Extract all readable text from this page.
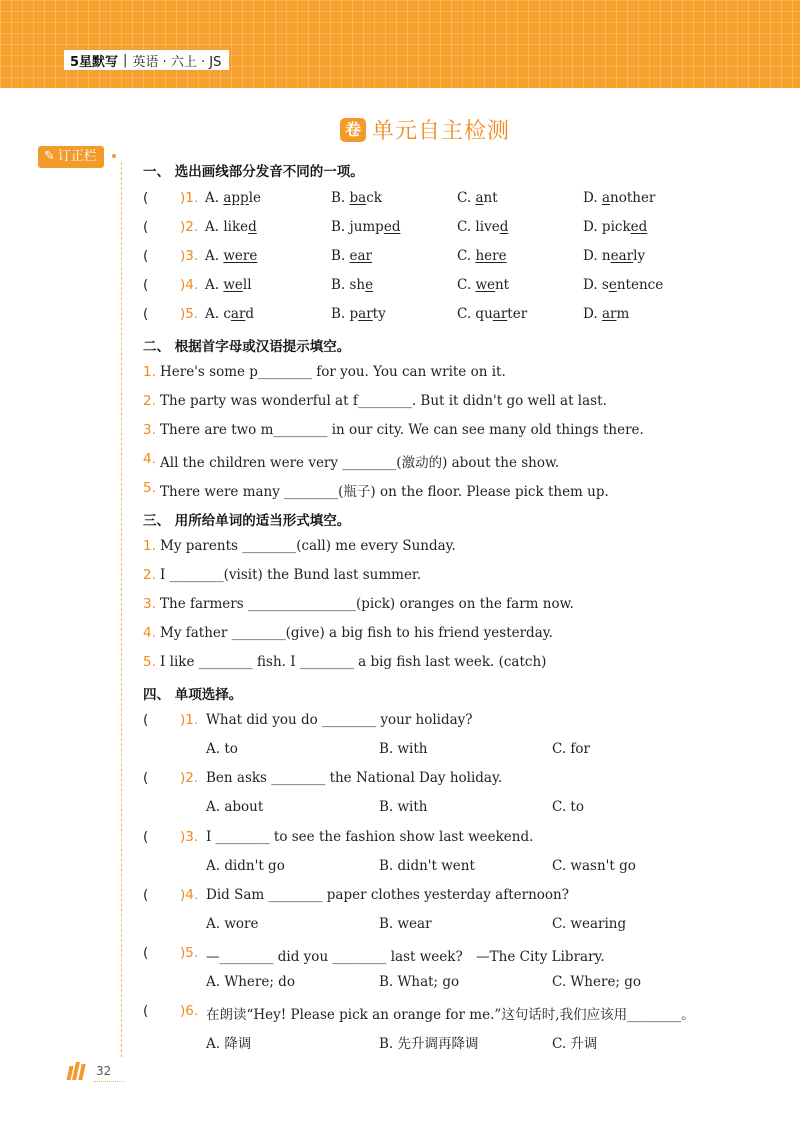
5星默写 | 英语 · 六上 · JS
卷 单元自主检测
✎ 订正栏
一、 选出画线部分发音不同的一项。
( )1. A. apple	B. back	C. ant	D. another
( )2. A. liked	B. jumped	C. lived	D. picked
( )3. A. were	B. ear	C. here	D. nearly
( )4. A. well	B. she	C. went	D. sentence
( )5. A. card	B. party	C. quarter	D. arm
二、 根据首字母或汉语提示填空。
1. Here's some p________ for you. You can write on it.
2. The party was wonderful at f________. But it didn't go well at last.
3. There are two m________ in our city. We can see many old things there.
4. All the children were very ________(激动的) about the show.
5. There were many ________(瓶子) on the floor. Please pick them up.
三、 用所给单词的适当形式填空。
1. My parents ________(call) me every Sunday.
2. I ________(visit) the Bund last summer.
3. The farmers ________________(pick) oranges on the farm now.
4. My father ________(give) a big fish to his friend yesterday.
5. I like ________ fish. I ________ a big fish last week. (catch)
四、 单项选择。
( )1. What did you do ________ your holiday?
A. to	B. with	C. for
( )2. Ben asks ________ the National Day holiday.
A. about	B. with	C. to
( )3. I ________ to see the fashion show last weekend.
A. didn't go	B. didn't went	C. wasn't go
( )4. Did Sam ________ paper clothes yesterday afternoon?
A. wore	B. wear	C. wearing
( )5. —________ did you ________ last week?　—The City Library.
A. Where; do	B. What; go	C. Where; go
( )6. 在朗读“Hey! Please pick an orange for me.”这句话时,我们应该用________。
A. 降调	B. 先升调再降调	C. 升调
32
